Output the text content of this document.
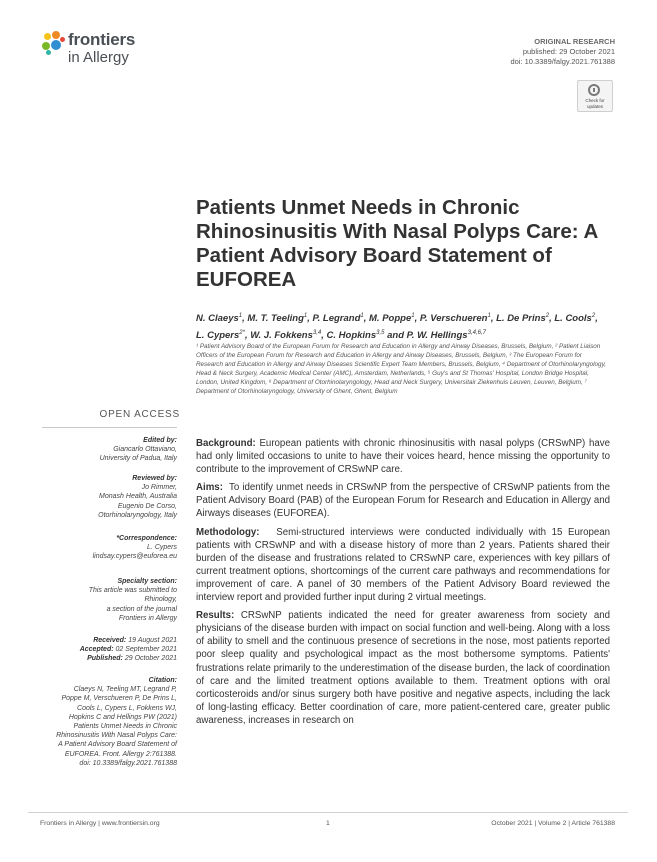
frontiers
in Allergy
ORIGINAL RESEARCH
published: 29 October 2021
doi: 10.3389/falgy.2021.761388
Check for updates
Patients Unmet Needs in Chronic Rhinosinusitis With Nasal Polyps Care: A Patient Advisory Board Statement of EUFOREA
N. Claeys$^1$, M. T. Teeling$^1$, P. Legrand$^1$, M. Poppe$^1$, P. Verschueren$^1$, L. De Prins$^2$, L. Cools$^2$, L. Cypers$^{2*}$, W. J. Fokkens$^{3,4}$, C. Hopkins$^{3,5}$ and P. W. Hellings$^{3,4,6,7}$
¹ Patient Advisory Board of the European Forum for Research and Education in Allergy and Airway Diseases, Brussels, Belgium, ² Patient Liaison Officers of the European Forum for Research and Education in Allergy and Airway Diseases, Brussels, Belgium, ³ The European Forum for Research and Education in Allergy and Airway Diseases Scientific Expert Team Members, Brussels, Belgium, ⁴ Department of Otorhinolaryngology, Head & Neck Surgery, Academic Medical Center (AMC), Amsterdam, Netherlands, ⁵ Guy's and St Thomas' Hospital, London Bridge Hospital, London, United Kingdom, ⁶ Department of Otorhinolaryngology, Head and Neck Surgery, Universitair Ziekenhuis Leuven, Leuven, Belgium, ⁷ Department of Otorhinolaryngology, University of Ghent, Ghent, Belgium
OPEN ACCESS
Edited by:
Giancarlo Ottaviano,
University of Padua, Italy
Reviewed by:
Jo Rimmer,
Monash Health, Australia
Eugenio De Corso,
Otorhinolaryngology, Italy
*Correspondence:
L. Cypers
lindsay.cypers@euforea.eu
Specialty section:
This article was submitted to
Rhinology,
a section of the journal
Frontiers in Allergy
Received: 19 August 2021
Accepted: 02 September 2021
Published: 29 October 2021
Citation:
Claeys N, Teeling MT, Legrand P,
Poppe M, Verschueren P, De Prins L,
Cools L, Cypers L, Fokkens WJ,
Hopkins C and Hellings PW (2021)
Patients Unmet Needs in Chronic
Rhinosinusitis With Nasal Polyps Care:
A Patient Advisory Board Statement of
EUFOREA. Front. Allergy 2:761388.
doi: 10.3389/falgy.2021.761388

Background: European patients with chronic rhinosinusitis with nasal polyps (CRSwNP) have had only limited occasions to unite to have their voices heard, hence missing the opportunity to contribute to the improvement of CRSwNP care.

Aims: To identify unmet needs in CRSwNP from the perspective of CRSwNP patients from the Patient Advisory Board (PAB) of the European Forum for Research and Education in Allergy and Airways diseases (EUFOREA).

Methodology: Semi-structured interviews were conducted individually with 15 European patients with CRSwNP and with a disease history of more than 2 years. Patients shared their burden of the disease and frustrations related to CRSwNP care, experiences with key pillars of current treatment options, shortcomings of the current care pathways and recommendations for improvement of care. A panel of 30 members of the Patient Advisory Board reviewed the interview report and provided further input during 2 virtual meetings.

Results: CRSwNP patients indicated the need for greater awareness from society and physicians of the disease burden with impact on social function and well-being. Along with a loss of ability to smell and the continuous presence of secretions in the nose, most patients reported poor sleep quality and psychological impact as the most bothersome symptoms. Patients' frustrations relate primarily to the underestimation of the disease burden, the lack of coordination of care and the limited treatment options available to them. Treatment options with oral corticosteroids and/or sinus surgery both have positive and negative aspects, including the lack of long-lasting efficacy. Better coordination of care, more patient-centered care, greater public awareness, increases in research on

Frontiers in Allergy | www.frontiersin.org	1	October 2021 | Volume 2 | Article 761388
